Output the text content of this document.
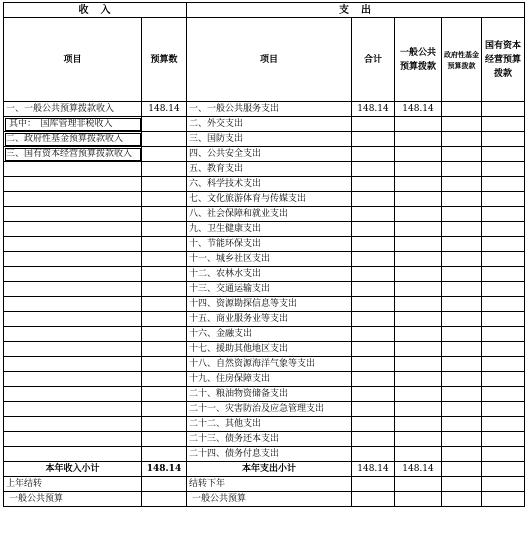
收　入		支　出				
项目	预算数	项目	合计	一般公共预算拨款	政府性基金预算拨款	国有资本经营预算拨款
一、一般公共预算拨款收入	148.14	一、一般公共服务支出	148.14	148.14		
其中：　国库管理非税收入		二、外交支出				
二、政府性基金预算拨款收入		三、国防支出				
三、国有资本经营预算拨款收入		四、公共安全支出				
		五、教育支出				
		六、科学技术支出				
		七、文化旅游体育与传媒支出				
		八、社会保障和就业支出				
		九、卫生健康支出				
		十、节能环保支出				
		十一、城乡社区支出				
		十二、农林水支出				
		十三、交通运输支出				
		十四、资源勘探信息等支出				
		十五、商业服务业等支出				
		十六、金融支出				
		十七、援助其他地区支出				
		十八、自然资源海洋气象等支出				
		十九、住房保障支出				
		二十、粮油物资储备支出				
		二十一、灾害防治及应急管理支出				
		二十二、其他支出				
		二十三、债务还本支出				
		二十四、债务付息支出				
本年收入小计	148.14	本年支出小计	148.14	148.14		
上年结转		结转下年				
一般公共预算		一般公共预算				
